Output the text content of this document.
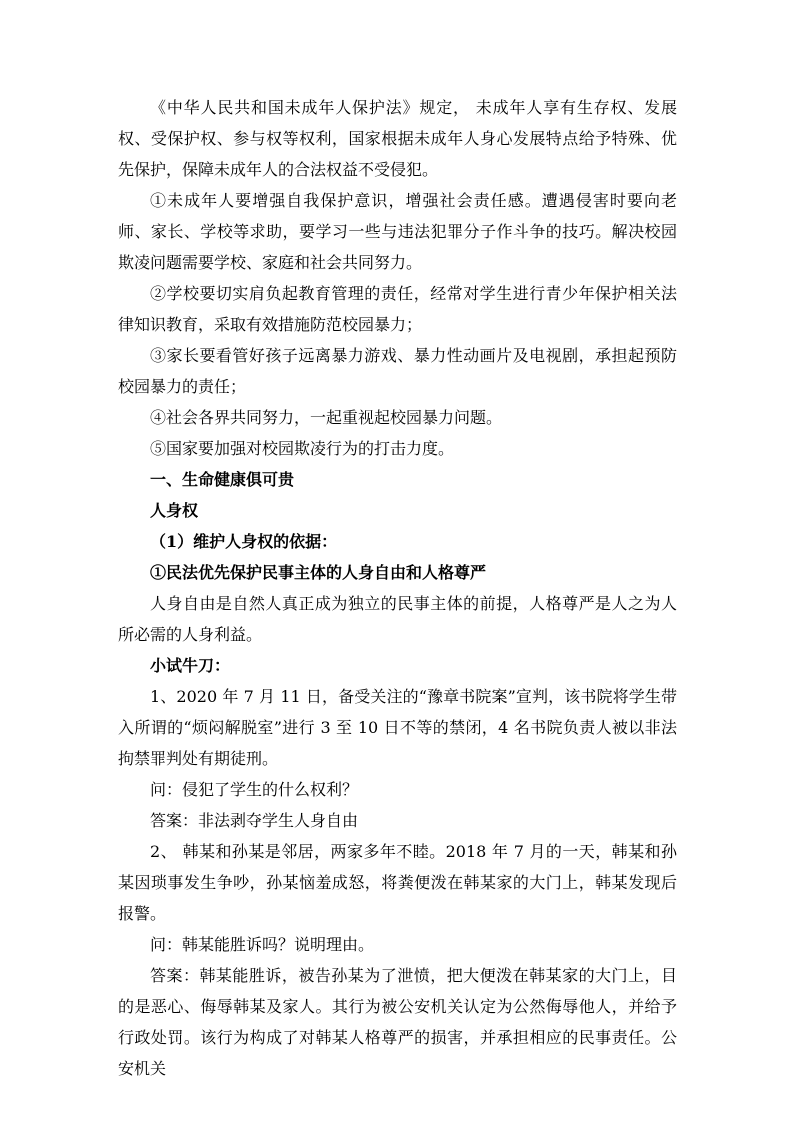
《中华人民共和国未成年人保护法》规定， 未成年人享有生存权、发展权、受保护权、参与权等权利，国家根据未成年人身心发展特点给予特殊、优先保护，保障未成年人的合法权益不受侵犯。

①未成年人要增强自我保护意识，增强社会责任感。遭遇侵害时要向老师、家长、学校等求助，要学习一些与违法犯罪分子作斗争的技巧。解决校园欺凌问题需要学校、家庭和社会共同努力。

②学校要切实肩负起教育管理的责任，经常对学生进行青少年保护相关法律知识教育，采取有效措施防范校园暴力；

③家长要看管好孩子远离暴力游戏、暴力性动画片及电视剧，承担起预防校园暴力的责任；

④社会各界共同努力，一起重视起校园暴力问题。

⑤国家要加强对校园欺凌行为的打击力度。

一、生命健康俱可贵

人身权

（1）维护人身权的依据：

①民法优先保护民事主体的人身自由和人格尊严

人身自由是自然人真正成为独立的民事主体的前提，人格尊严是人之为人所必需的人身利益。

小试牛刀：

1、2020 年 7 月 11 日，备受关注的“豫章书院案”宣判，该书院将学生带入所谓的“烦闷解脱室”进行 3 至 10 日不等的禁闭，4 名书院负责人被以非法拘禁罪判处有期徒刑。

问：侵犯了学生的什么权利？

答案：非法剥夺学生人身自由

2、 韩某和孙某是邻居，两家多年不睦。2018 年 7 月的一天，韩某和孙某因琐事发生争吵，孙某恼羞成怒，将粪便泼在韩某家的大门上，韩某发现后报警。

问：韩某能胜诉吗？说明理由。

答案：韩某能胜诉，被告孙某为了泄愤，把大便泼在韩某家的大门上，目的是恶心、侮辱韩某及家人。其行为被公安机关认定为公然侮辱他人，并给予行政处罚。该行为构成了对韩某人格尊严的损害，并承担相应的民事责任。公安机关
